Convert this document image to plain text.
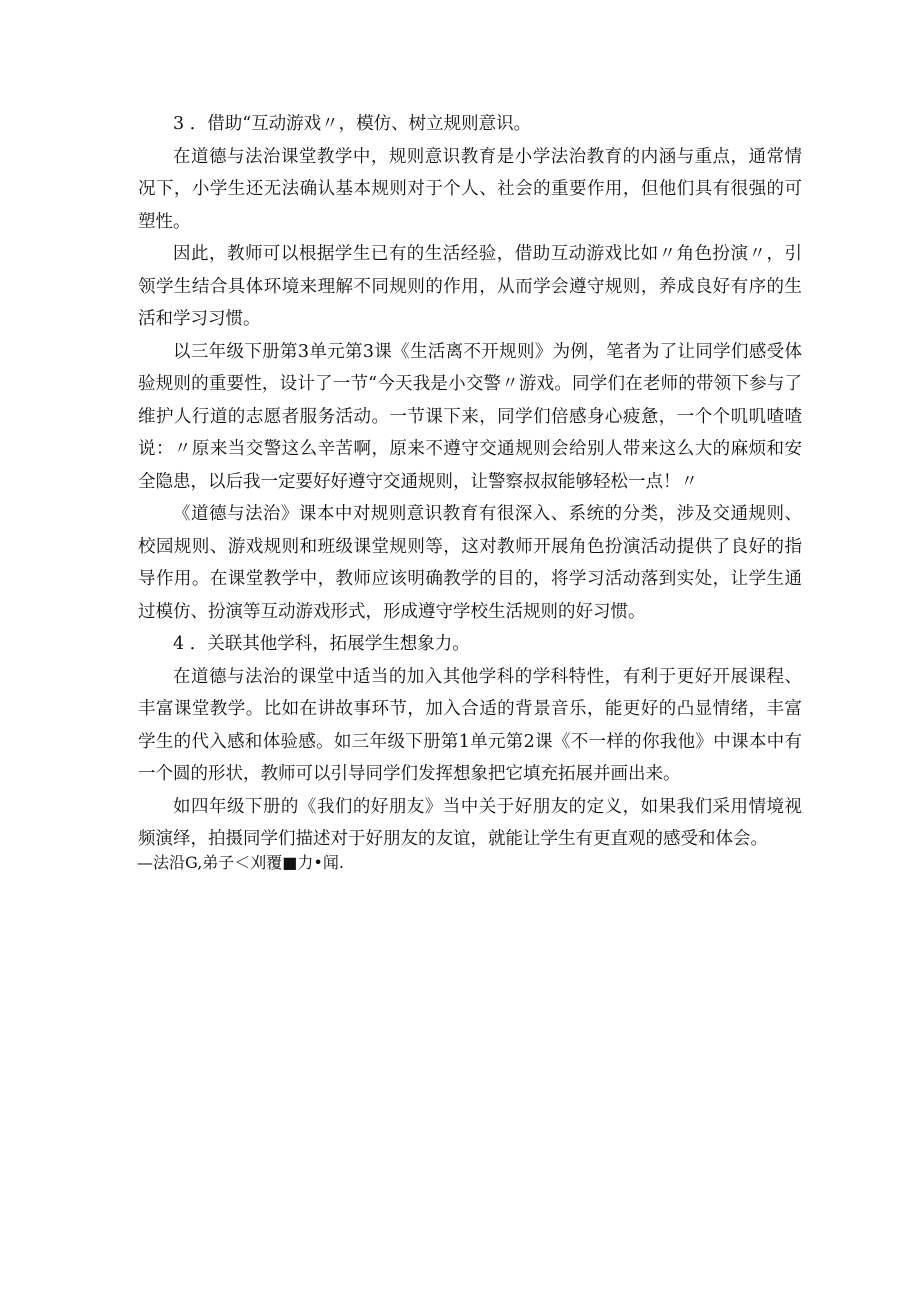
3 ．借助“互动游戏〃，模仿、树立规则意识。

在道德与法治课堂教学中，规则意识教育是小学法治教育的内涵与重点，通常情况下，小学生还无法确认基本规则对于个人、社会的重要作用，但他们具有很强的可塑性。

因此，教师可以根据学生已有的生活经验，借助互动游戏比如〃角色扮演〃，引领学生结合具体环境来理解不同规则的作用，从而学会遵守规则，养成良好有序的生活和学习习惯。

以三年级下册第3单元第3课《生活离不开规则》为例，笔者为了让同学们感受体验规则的重要性，设计了一节“今天我是小交警〃游戏。同学们在老师的带领下参与了维护人行道的志愿者服务活动。一节课下来，同学们倍感身心疲惫，一个个叽叽喳喳说：〃原来当交警这么辛苦啊，原来不遵守交通规则会给别人带来这么大的麻烦和安全隐患，以后我一定要好好遵守交通规则，让警察叔叔能够轻松一点！〃

《道德与法治》课本中对规则意识教育有很深入、系统的分类，涉及交通规则、校园规则、游戏规则和班级课堂规则等，这对教师开展角色扮演活动提供了良好的指导作用。在课堂教学中，教师应该明确教学的目的，将学习活动落到实处，让学生通过模仿、扮演等互动游戏形式，形成遵守学校生活规则的好习惯。

4 ．关联其他学科，拓展学生想象力。

在道德与法治的课堂中适当的加入其他学科的学科特性，有利于更好开展课程、丰富课堂教学。比如在讲故事环节，加入合适的背景音乐，能更好的凸显情绪，丰富学生的代入感和体验感。如三年级下册第1单元第2课《不一样的你我他》中课本中有一个圆的形状，教师可以引导同学们发挥想象把它填充拓展并画出来。

如四年级下册的《我们的好朋友》当中关于好朋友的定义，如果我们采用情境视频演绎，拍摄同学们描述对于好朋友的友谊，就能让学生有更直观的感受和体会。

—法沿G,弟子＜刈覆■力•闻.
